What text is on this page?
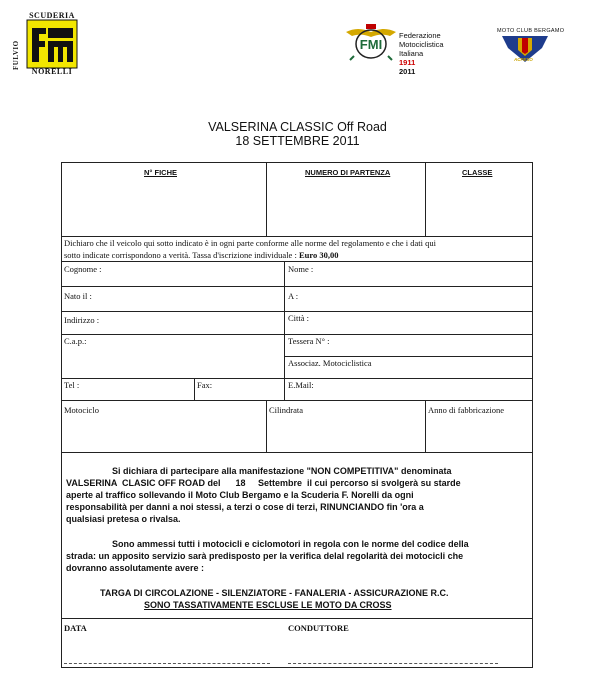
SCUDERIA
NORELLI
FULVIO	FMI
Federazione
Motociclistica
Italiana
1911
2011
MOTO CLUB BERGAMO
ACFESO
VALSERINA CLASSIC Off Road
18 SETTEMBRE 2011
N° FICHE	NUMERO DI PARTENZA	CLASSE
Dichiaro che il veicolo qui sotto indicato è in ogni parte conforme alle norme del regolamento e che i dati qui
sotto indicate corrispondono a verità. Tassa d'iscrizione individuale : Euro 30,00
Cognome :	Nome :
Nato il :	A :
Indirizzo :	Città :
C.a.p.:	Tessera N° :
Associaz. Motociclistica
Tel :	Fax:	E.Mail:
Motociclo	Cilindrata	Anno di fabbricazione
Si dichiara di partecipare alla manifestazione "NON COMPETITIVA" denominata
VALSERINA  CLASIC OFF ROAD del      18     Settembre  il cui percorso si svolgerà su starde
aperte al traffico sollevando il Moto Club Bergamo e la Scuderia F. Norelli da ogni
responsabilità per danni a noi stessi, a terzi o cose di terzi, RINUNCIANDO fin 'ora a
qualsiasi pretesa o rivalsa.
Sono ammessi tutti i motocicli e ciclomotori in regola con le norme del codice della
strada: un apposito servizio sarà predisposto per la verifica delal regolarità dei motocicli che
dovranno assolutamente avere :
TARGA DI CIRCOLAZIONE - SILENZIATORE - FANALERIA - ASSICURAZIONE R.C.
SONO TASSATIVAMENTE ESCLUSE LE MOTO DA CROSS
DATA	CONDUTTORE
